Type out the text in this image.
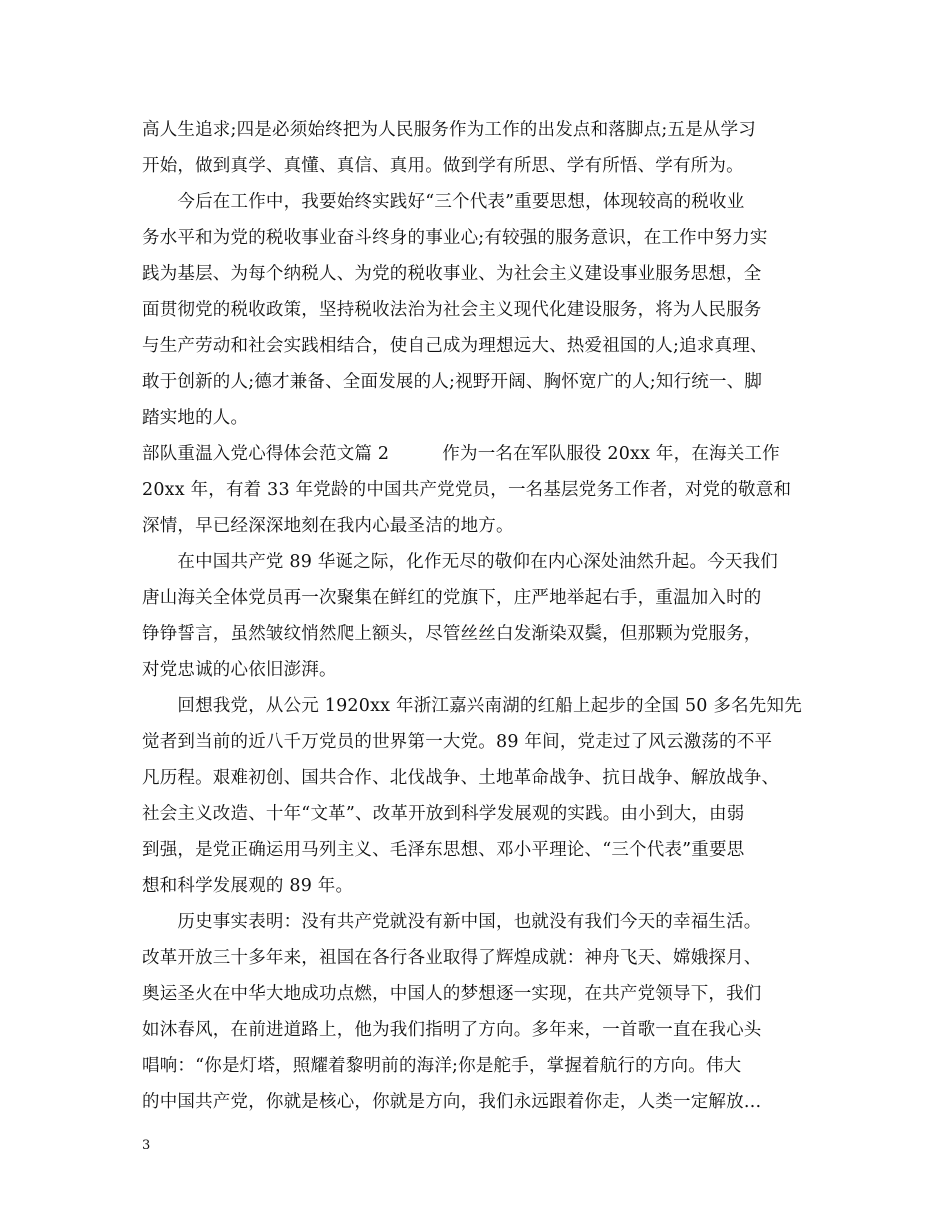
高人生追求;四是必须始终把为人民服务作为工作的出发点和落脚点;五是从学习
开始，做到真学、真懂、真信、真用。做到学有所思、学有所悟、学有所为。
　　今后在工作中，我要始终实践好“三个代表”重要思想，体现较高的税收业
务水平和为党的税收事业奋斗终身的事业心;有较强的服务意识，在工作中努力实
践为基层、为每个纳税人、为党的税收事业、为社会主义建设事业服务思想，全
面贯彻党的税收政策，坚持税收法治为社会主义现代化建设服务，将为人民服务
与生产劳动和社会实践相结合，使自己成为理想远大、热爱祖国的人;追求真理、
敢于创新的人;德才兼备、全面发展的人;视野开阔、胸怀宽广的人;知行统一、脚
踏实地的人。
部队重温入党心得体会范文篇 2　　　作为一名在军队服役 20xx 年，在海关工作
20xx 年，有着 33 年党龄的中国共产党党员，一名基层党务工作者，对党的敬意和
深情，早已经深深地刻在我内心最圣洁的地方。
　　在中国共产党 89 华诞之际，化作无尽的敬仰在内心深处油然升起。今天我们
唐山海关全体党员再一次聚集在鲜红的党旗下，庄严地举起右手，重温加入时的
铮铮誓言，虽然皱纹悄然爬上额头，尽管丝丝白发渐染双鬓，但那颗为党服务，
对党忠诚的心依旧澎湃。
　　回想我党，从公元 1920xx 年浙江嘉兴南湖的红船上起步的全国 50 多名先知先
觉者到当前的近八千万党员的世界第一大党。89 年间，党走过了风云激荡的不平
凡历程。艰难初创、国共合作、北伐战争、土地革命战争、抗日战争、解放战争、
社会主义改造、十年“文革”、改革开放到科学发展观的实践。由小到大，由弱
到强，是党正确运用马列主义、毛泽东思想、邓小平理论、“三个代表”重要思
想和科学发展观的 89 年。
　　历史事实表明：没有共产党就没有新中国，也就没有我们今天的幸福生活。
改革开放三十多年来，祖国在各行各业取得了辉煌成就：神舟飞天、嫦娥探月、
奥运圣火在中华大地成功点燃，中国人的梦想逐一实现，在共产党领导下，我们
如沐春风，在前进道路上，他为我们指明了方向。多年来，一首歌一直在我心头
唱响：“你是灯塔，照耀着黎明前的海洋;你是舵手，掌握着航行的方向。伟大
的中国共产党，你就是核心，你就是方向，我们永远跟着你走，人类一定解放…
3
